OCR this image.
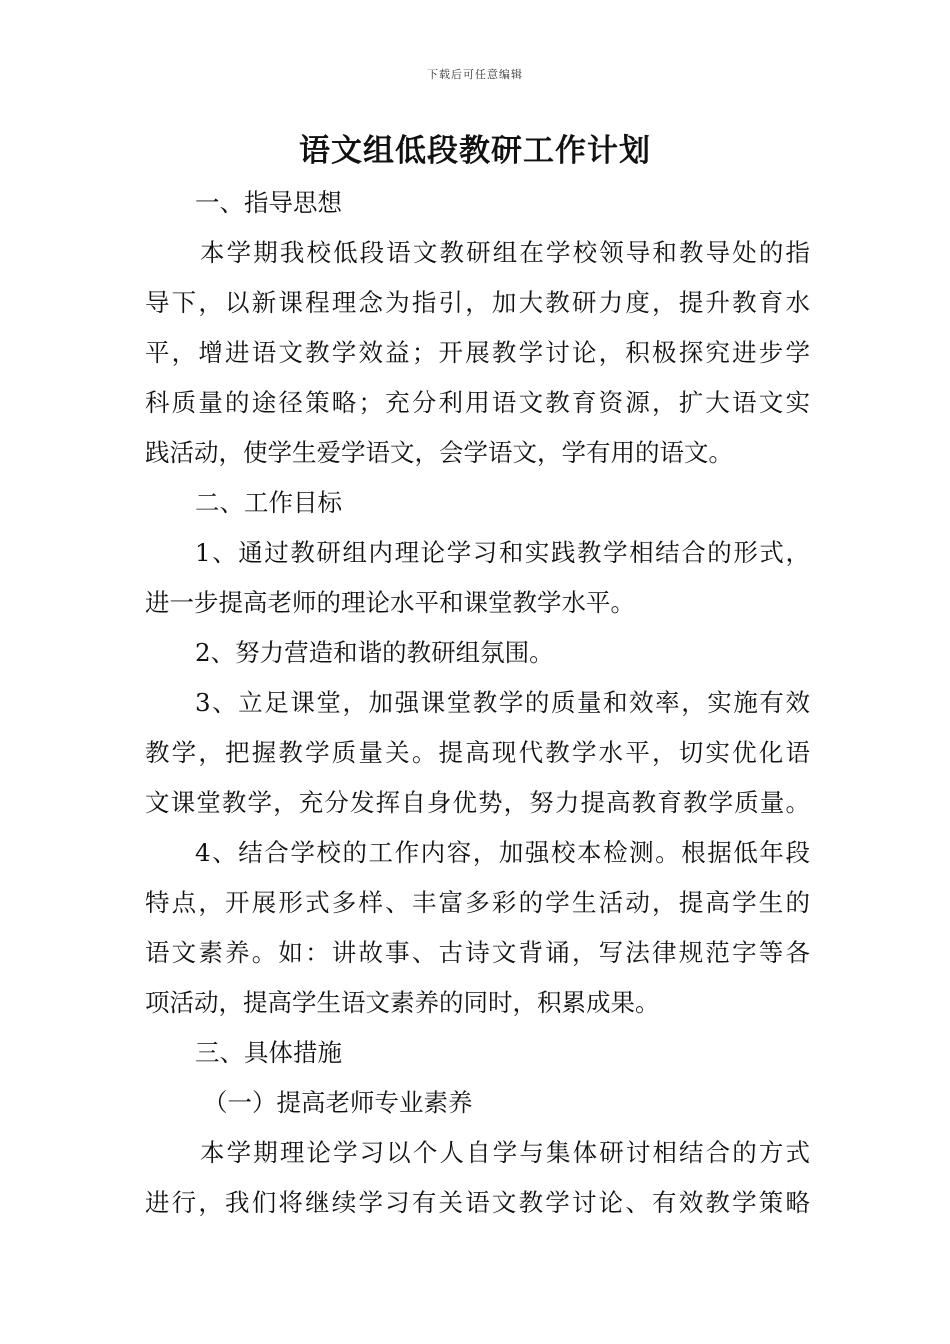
下载后可任意编辑
语文组低段教研工作计划
一、指导思想
本学期我校低段语文教研组在学校领导和教导处的指
导下，以新课程理念为指引，加大教研力度，提升教育水
平，增进语文教学效益；开展教学讨论，积极探究进步学
科质量的途径策略；充分利用语文教育资源，扩大语文实
践活动，使学生爱学语文，会学语文，学有用的语文。
二、工作目标
1、通过教研组内理论学习和实践教学相结合的形式，
进一步提高老师的理论水平和课堂教学水平。
2、努力营造和谐的教研组氛围。
3、立足课堂，加强课堂教学的质量和效率，实施有效
教学，把握教学质量关。提高现代教学水平，切实优化语
文课堂教学，充分发挥自身优势，努力提高教育教学质量。
4、结合学校的工作内容，加强校本检测。根据低年段
特点，开展形式多样、丰富多彩的学生活动，提高学生的
语文素养。如：讲故事、古诗文背诵，写法律规范字等各
项活动，提高学生语文素养的同时，积累成果。
三、具体措施
（一）提高老师专业素养
本学期理论学习以个人自学与集体研讨相结合的方式
进行，我们将继续学习有关语文教学讨论、有效教学策略
